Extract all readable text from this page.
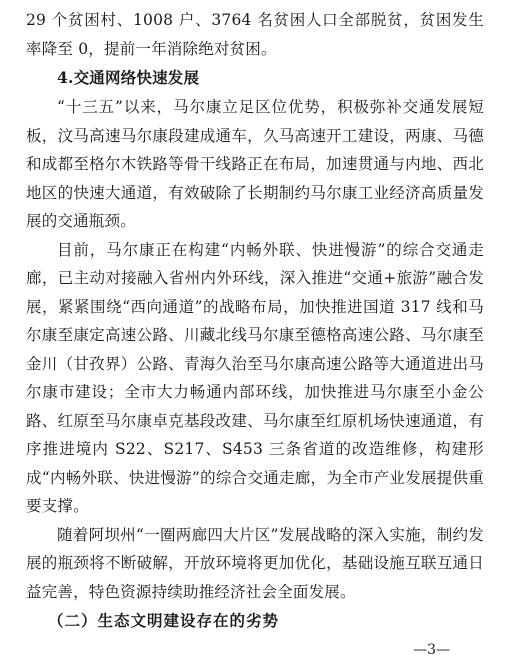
29 个贫困村、1008 户、3764 名贫困人口全部脱贫，贫困发生率降至 0，提前一年消除绝对贫困。

4.交通网络快速发展

“十三五”以来，马尔康立足区位优势，积极弥补交通发展短板，汶马高速马尔康段建成通车，久马高速开工建设，两康、马德和成都至格尔木铁路等骨干线路正在布局，加速贯通与内地、西北地区的快速大通道，有效破除了长期制约马尔康工业经济高质量发展的交通瓶颈。

目前，马尔康正在构建“内畅外联、快进慢游”的综合交通走廊，已主动对接融入省州内外环线，深入推进“交通+旅游”融合发展，紧紧围绕“西向通道”的战略布局，加快推进国道 317 线和马尔康至康定高速公路、川藏北线马尔康至德格高速公路、马尔康至金川（甘孜界）公路、青海久治至马尔康高速公路等大通道进出马尔康市建设；全市大力畅通内部环线，加快推进马尔康至小金公路、红原至马尔康卓克基段改建、马尔康至红原机场快速通道，有序推进境内 S22、S217、S453 三条省道的改造维修，构建形成“内畅外联、快进慢游”的综合交通走廊，为全市产业发展提供重要支撑。

随着阿坝州“一圈两廊四大片区”发展战略的深入实施，制约发展的瓶颈将不断破解，开放环境将更加优化，基础设施互联互通日益完善，特色资源持续助推经济社会全面发展。

（二）生态文明建设存在的劣势

—3—
